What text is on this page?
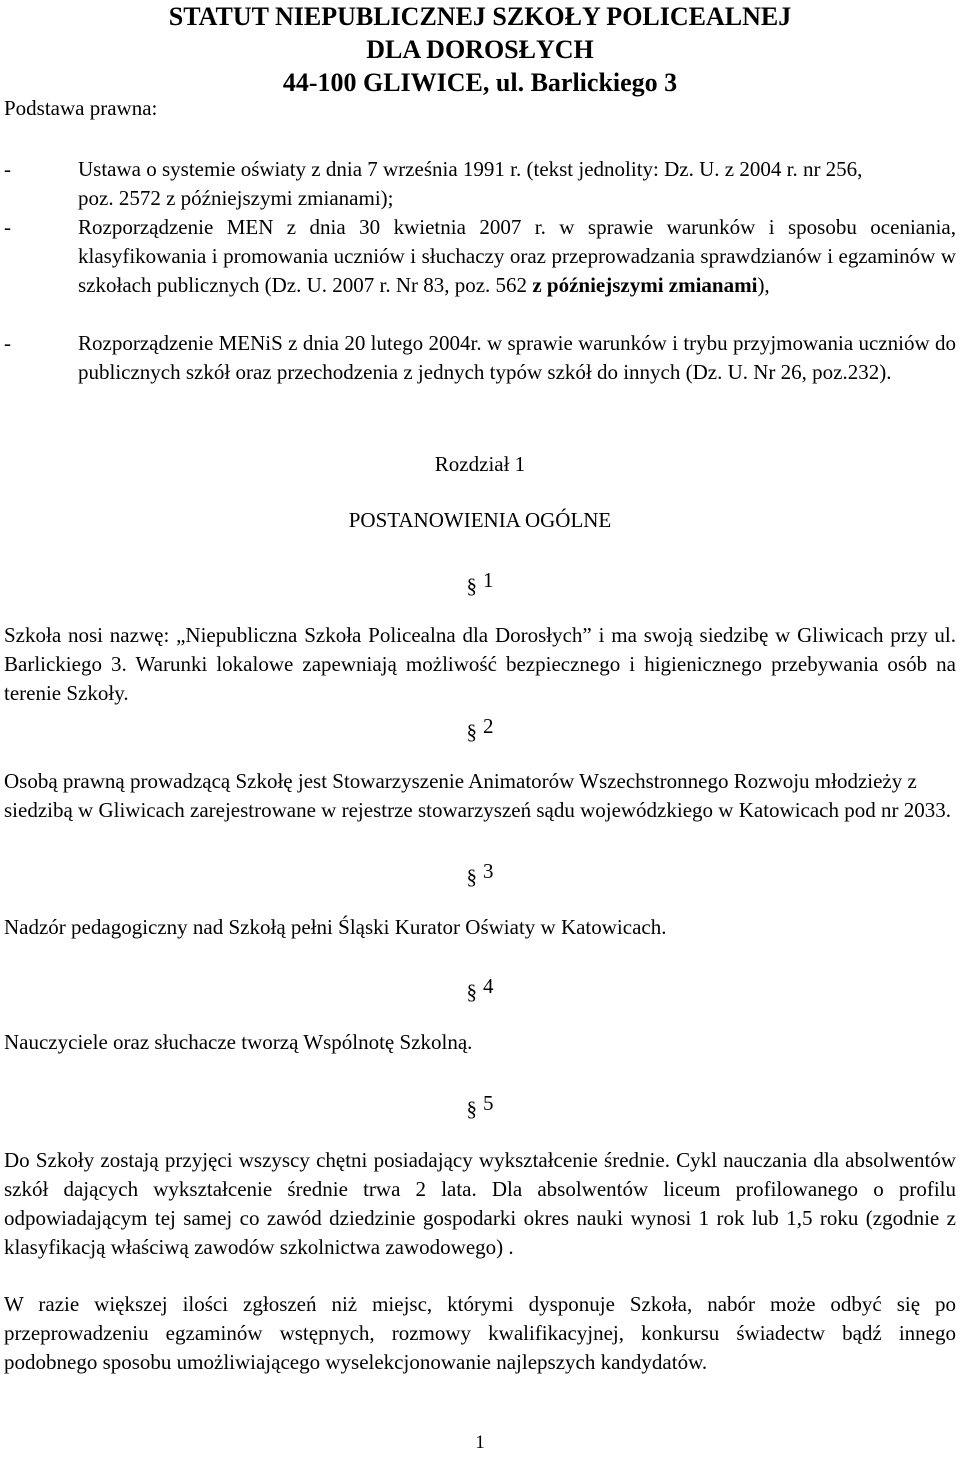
STATUT NIEPUBLICZNEJ SZKOŁY POLICEALNEJ
DLA DOROSŁYCH
44-100 GLIWICE, ul. Barlickiego 3
Podstawa prawna:
-	Ustawa o systemie oświaty z dnia 7 września 1991 r. (tekst jednolity: Dz. U. z 2004 r. nr 256, poz. 2572 z późniejszymi zmianami);
-	Rozporządzenie MEN z dnia 30 kwietnia 2007 r. w sprawie warunków i sposobu oceniania, klasyfikowania i promowania uczniów i słuchaczy oraz przeprowadzania sprawdzianów i egzaminów w szkołach publicznych (Dz. U. 2007 r. Nr 83, poz. 562 z późniejszymi zmianami),
-	Rozporządzenie MENiS z dnia 20 lutego 2004r. w sprawie warunków i trybu przyjmowania uczniów do publicznych szkół oraz przechodzenia z jednych typów szkół do innych (Dz. U. Nr 26, poz.232).
Rozdział 1
POSTANOWIENIA OGÓLNE
§ 1
Szkoła nosi nazwę: „Niepubliczna Szkoła Policealna dla Dorosłych” i ma swoją siedzibę w Gliwicach przy ul. Barlickiego 3. Warunki lokalowe zapewniają możliwość bezpiecznego i higienicznego przebywania osób na terenie Szkoły.
§ 2
Osobą prawną prowadzącą Szkołę jest Stowarzyszenie Animatorów Wszechstronnego Rozwoju młodzieży z siedzibą w Gliwicach zarejestrowane w rejestrze stowarzyszeń sądu wojewódzkiego w Katowicach pod nr 2033.
§ 3
Nadzór pedagogiczny nad Szkołą pełni Śląski Kurator Oświaty w Katowicach.
§ 4
Nauczyciele oraz słuchacze tworzą Wspólnotę Szkolną.
§ 5
Do Szkoły zostają przyjęci wszyscy chętni posiadający wykształcenie średnie. Cykl nauczania dla absolwentów szkół dających wykształcenie średnie trwa 2 lata. Dla absolwentów liceum profilowanego o profilu odpowiadającym tej samej co zawód dziedzinie gospodarki okres nauki wynosi 1 rok lub 1,5 roku (zgodnie z klasyfikacją właściwą zawodów szkolnictwa zawodowego) .
W razie większej ilości zgłoszeń niż miejsc, którymi dysponuje Szkoła, nabór może odbyć się po przeprowadzeniu egzaminów wstępnych, rozmowy kwalifikacyjnej, konkursu świadectw bądź innego podobnego sposobu umożliwiającego wyselekcjonowanie najlepszych kandydatów.
1
